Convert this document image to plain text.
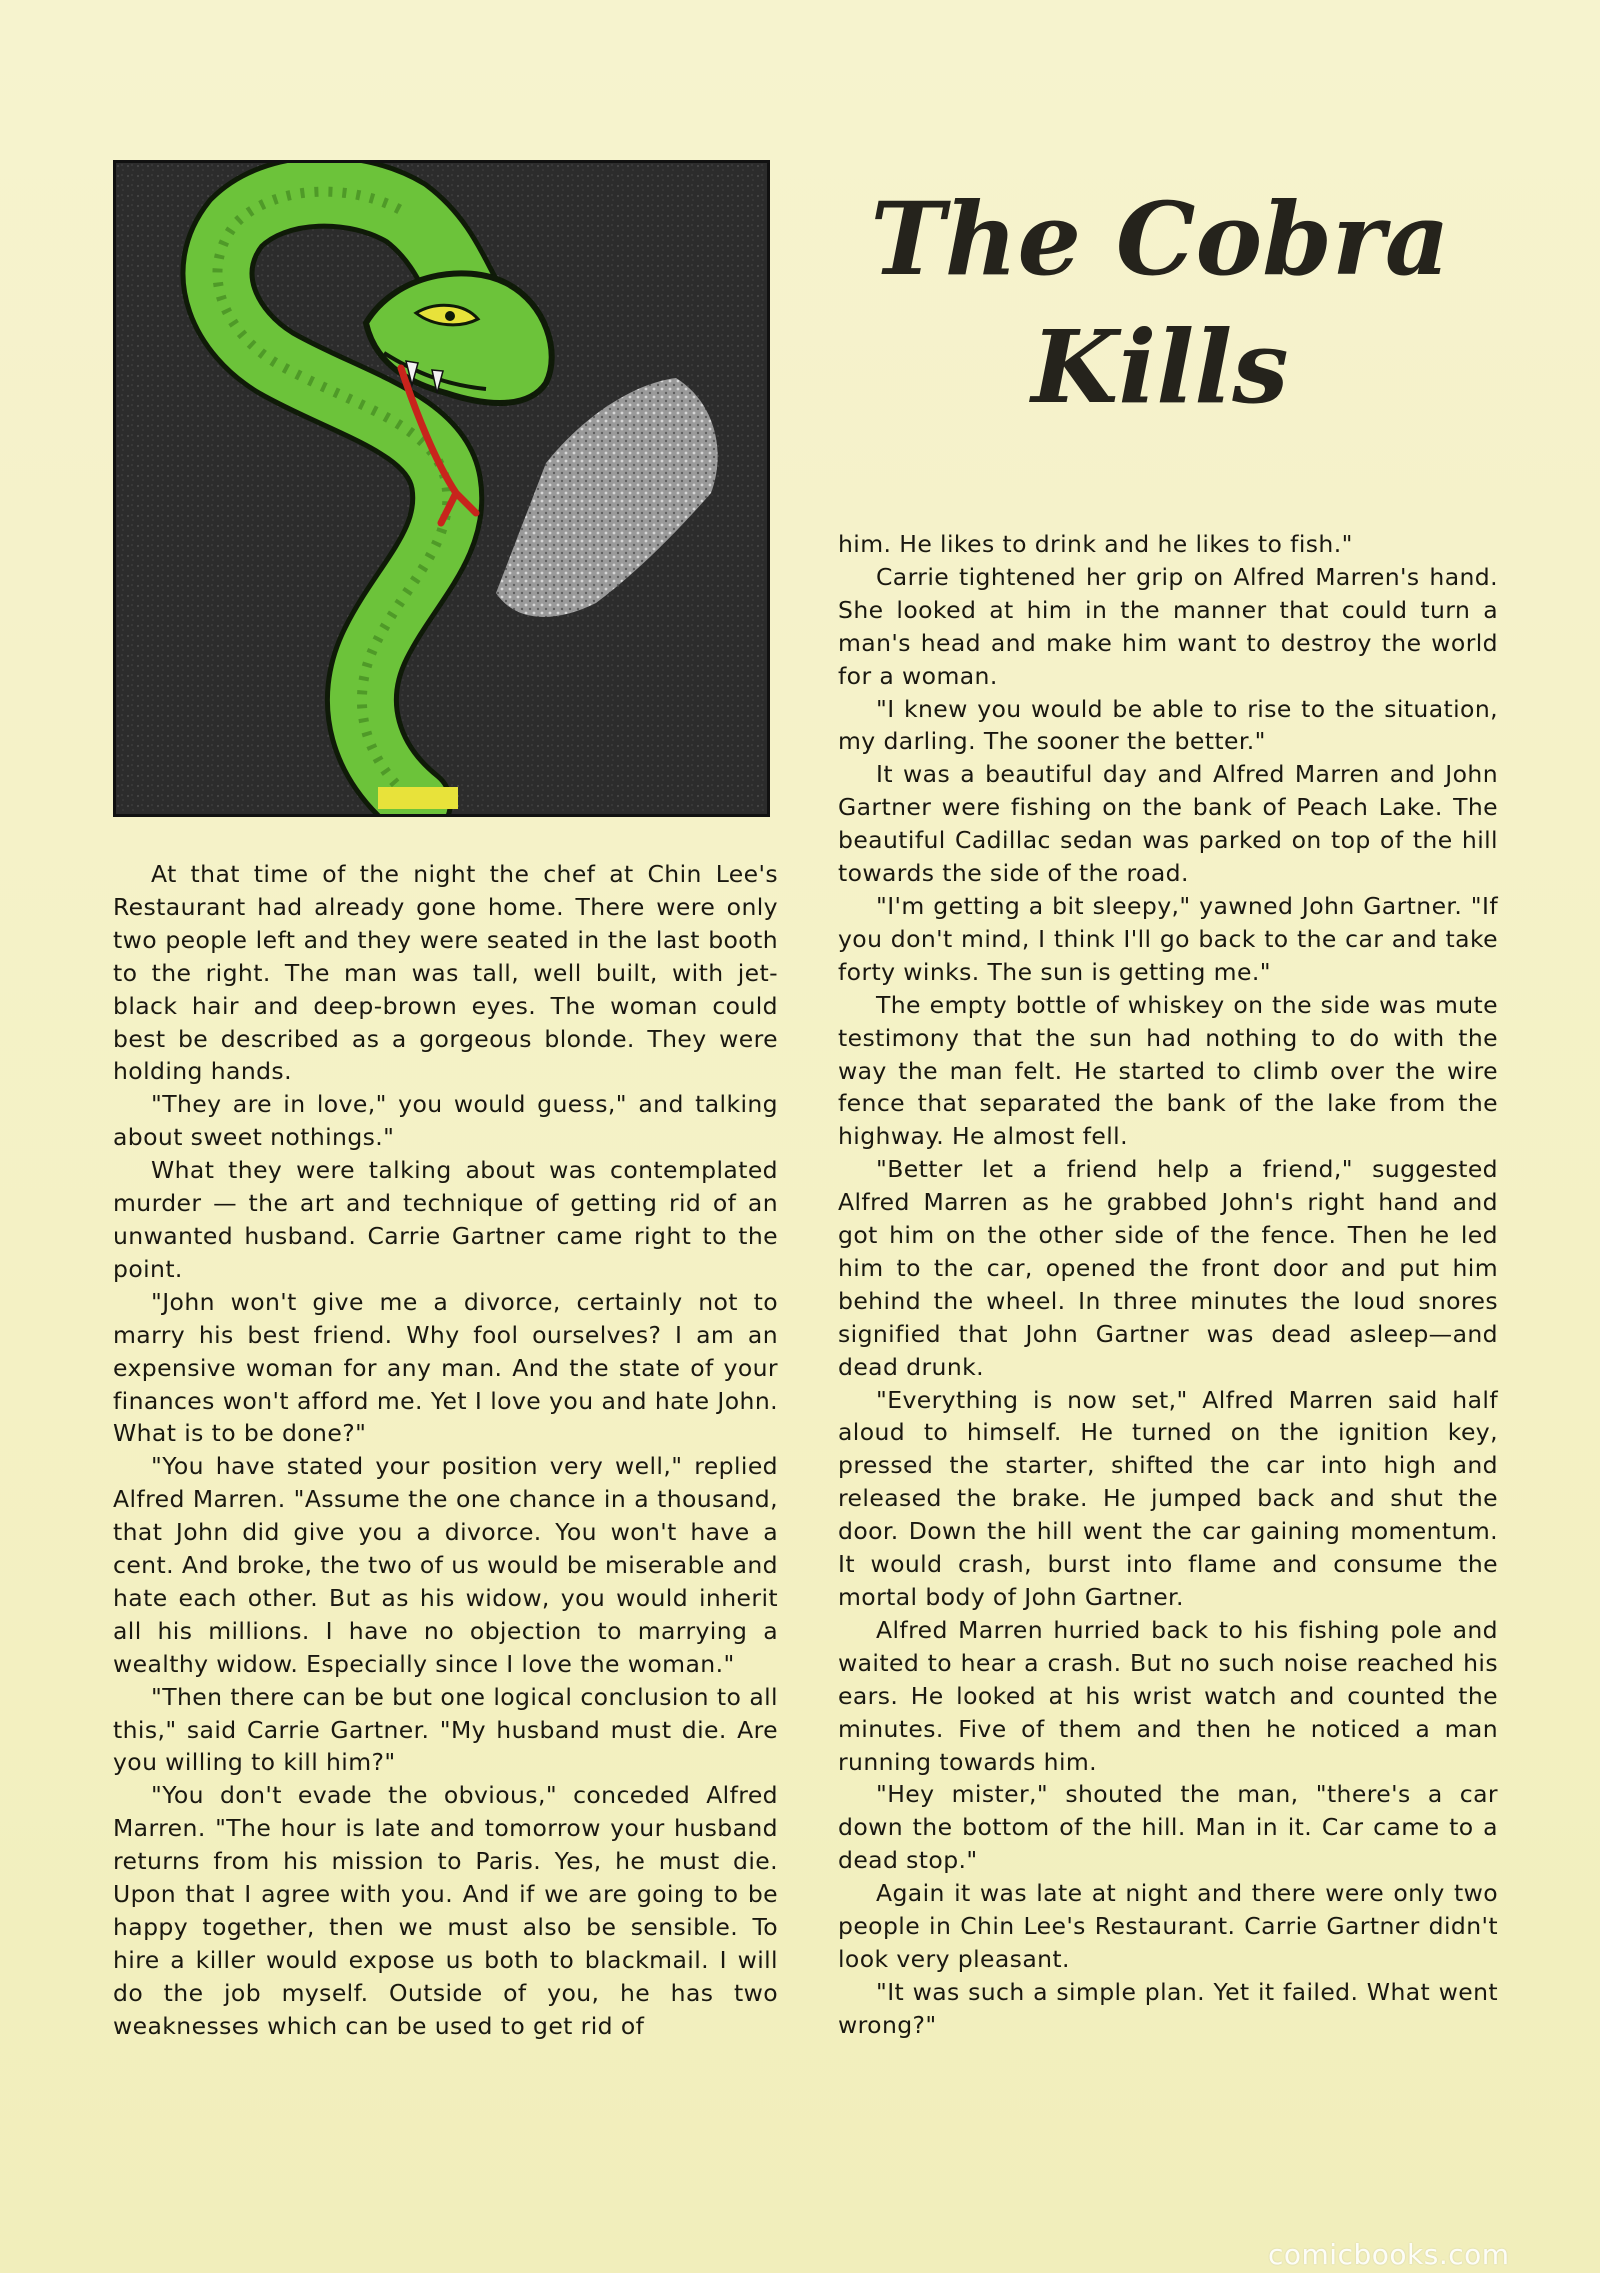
The Cobra
Kills

At that time of the night the chef at Chin Lee's Restaurant had already gone home. There were only two people left and they were seated in the last booth to the right. The man was tall, well built, with jet-black hair and deep-brown eyes. The woman could best be described as a gorgeous blonde. They were holding hands.

"They are in love," you would guess," and talking about sweet nothings."

What they were talking about was contemplated murder — the art and technique of getting rid of an unwanted husband. Carrie Gartner came right to the point.

"John won't give me a divorce, certainly not to marry his best friend. Why fool ourselves? I am an expensive woman for any man. And the state of your finances won't afford me. Yet I love you and hate John. What is to be done?"

"You have stated your position very well," replied Alfred Marren. "Assume the one chance in a thousand, that John did give you a divorce. You won't have a cent. And broke, the two of us would be miserable and hate each other. But as his widow, you would inherit all his millions. I have no objection to marrying a wealthy widow. Especially since I love the woman."

"Then there can be but one logical conclusion to all this," said Carrie Gartner. "My husband must die. Are you willing to kill him?"

"You don't evade the obvious," conceded Alfred Marren. "The hour is late and tomorrow your husband returns from his mission to Paris. Yes, he must die. Upon that I agree with you. And if we are going to be happy together, then we must also be sensible. To hire a killer would expose us both to blackmail. I will do the job myself. Outside of you, he has two weaknesses which can be used to get rid of

him. He likes to drink and he likes to fish."

Carrie tightened her grip on Alfred Marren's hand. She looked at him in the manner that could turn a man's head and make him want to destroy the world for a woman.

"I knew you would be able to rise to the situation, my darling. The sooner the better."

It was a beautiful day and Alfred Marren and John Gartner were fishing on the bank of Peach Lake. The beautiful Cadillac sedan was parked on top of the hill towards the side of the road.

"I'm getting a bit sleepy," yawned John Gartner. "If you don't mind, I think I'll go back to the car and take forty winks. The sun is getting me."

The empty bottle of whiskey on the side was mute testimony that the sun had nothing to do with the way the man felt. He started to climb over the wire fence that separated the bank of the lake from the highway. He almost fell.

"Better let a friend help a friend," suggested Alfred Marren as he grabbed John's right hand and got him on the other side of the fence. Then he led him to the car, opened the front door and put him behind the wheel. In three minutes the loud snores signified that John Gartner was dead asleep—and dead drunk.

"Everything is now set," Alfred Marren said half aloud to himself. He turned on the ignition key, pressed the starter, shifted the car into high and released the brake. He jumped back and shut the door. Down the hill went the car gaining momentum. It would crash, burst into flame and consume the mortal body of John Gartner.

Alfred Marren hurried back to his fishing pole and waited to hear a crash. But no such noise reached his ears. He looked at his wrist watch and counted the minutes. Five of them and then he noticed a man running towards him.

"Hey mister," shouted the man, "there's a car down the bottom of the hill. Man in it. Car came to a dead stop."

Again it was late at night and there were only two people in Chin Lee's Restaurant. Carrie Gartner didn't look very pleasant.

"It was such a simple plan. Yet it failed. What went wrong?"

comicbooks.com
